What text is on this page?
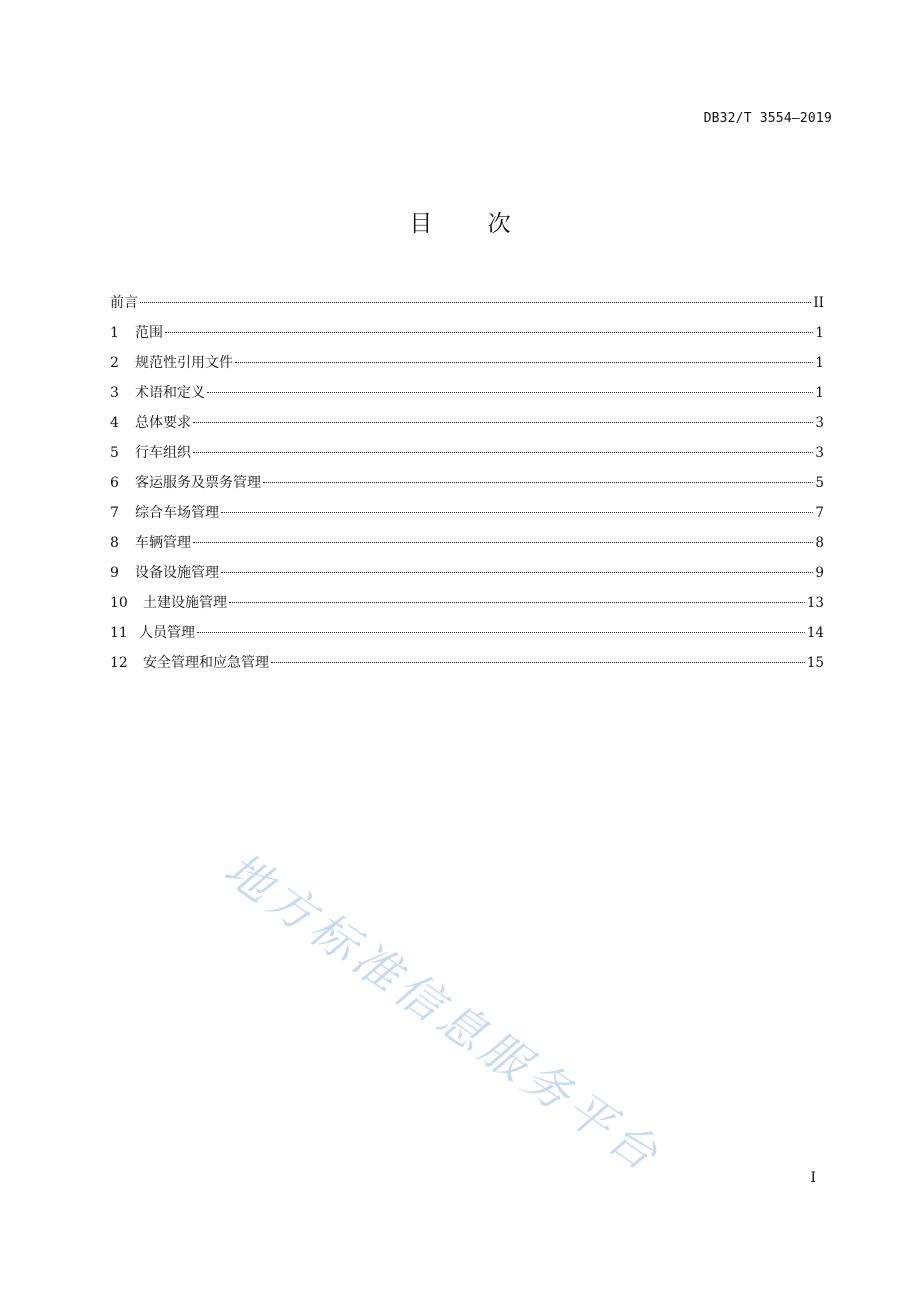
DB32/T 3554—2019
目 次
前言	II
1	范围	1
2	规范性引用文件	1
3	术语和定义	1
4	总体要求	3
5	行车组织	3
6	客运服务及票务管理	5
7	综合车场管理	7
8	车辆管理	8
9	设备设施管理	9
10	土建设施管理	13
11 人员管理	14
12	安全管理和应急管理	15
地方标准信息服务平台	I
